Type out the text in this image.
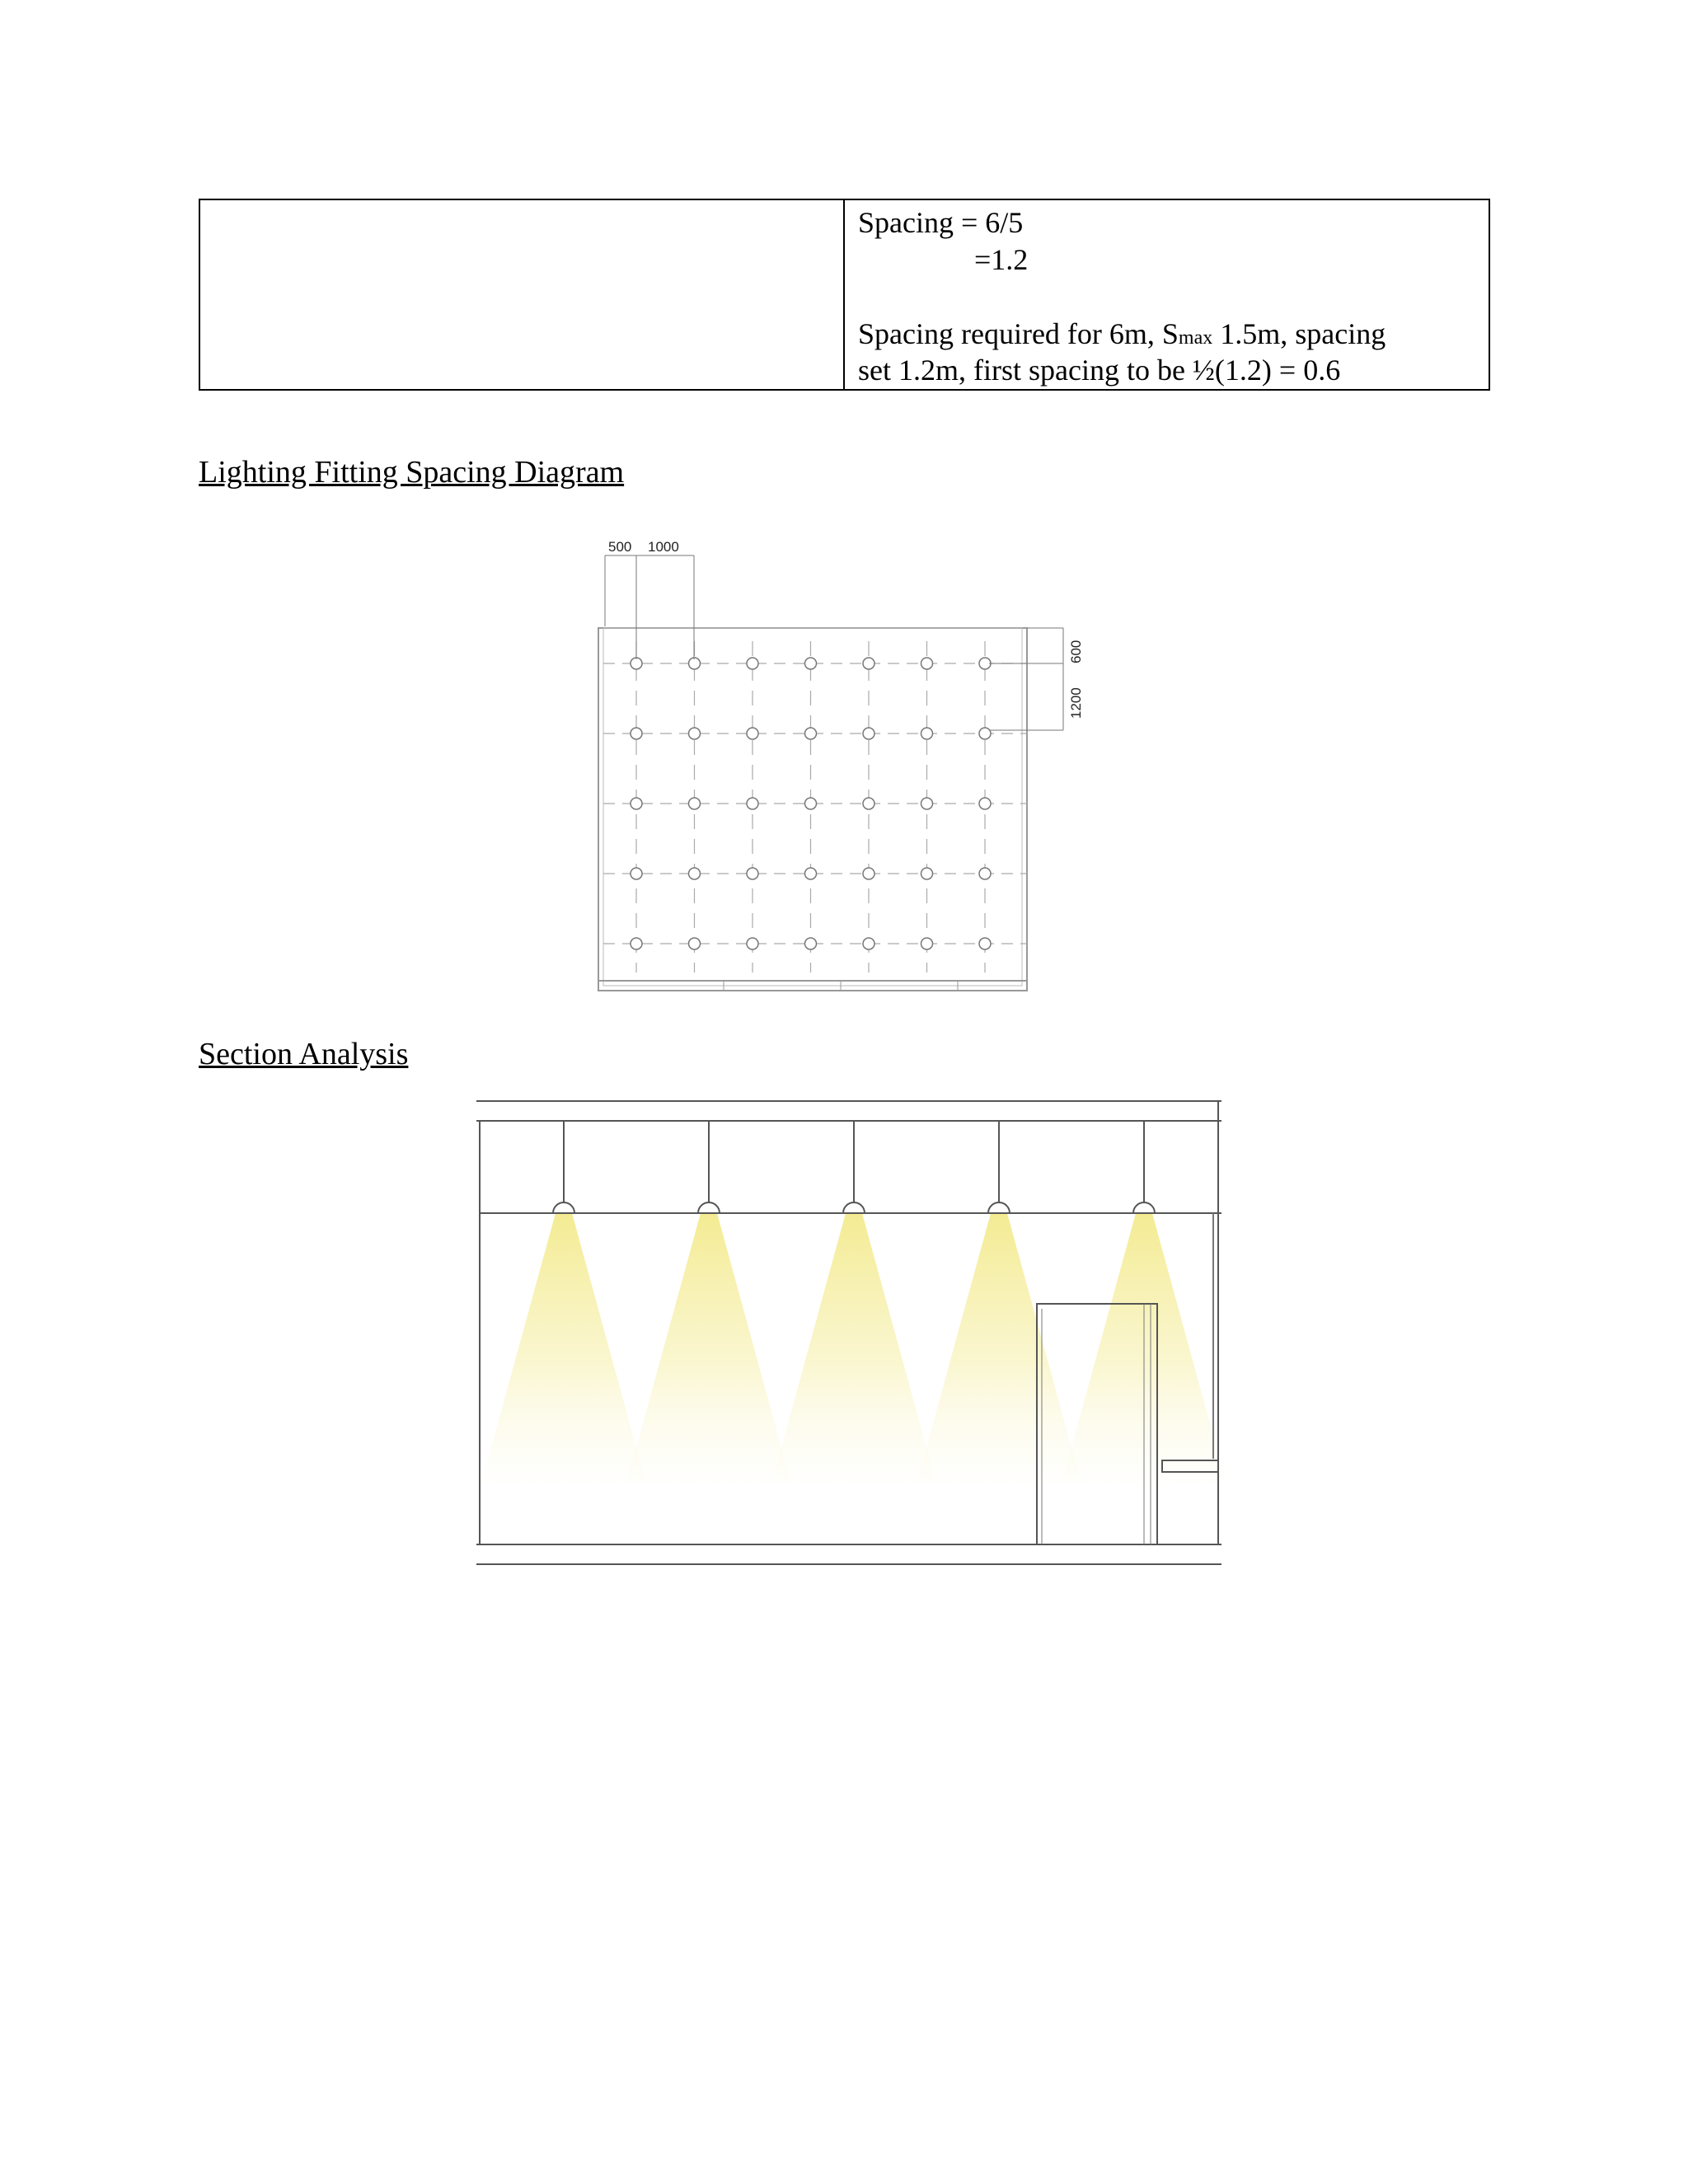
Spacing = 6/5
=1.2
Spacing required for 6m, Smax 1.5m, spacing
set 1.2m, first spacing to be ½(1.2) = 0.6
Lighting Fitting Spacing Diagram
500 1000
600
1200
Section Analysis
